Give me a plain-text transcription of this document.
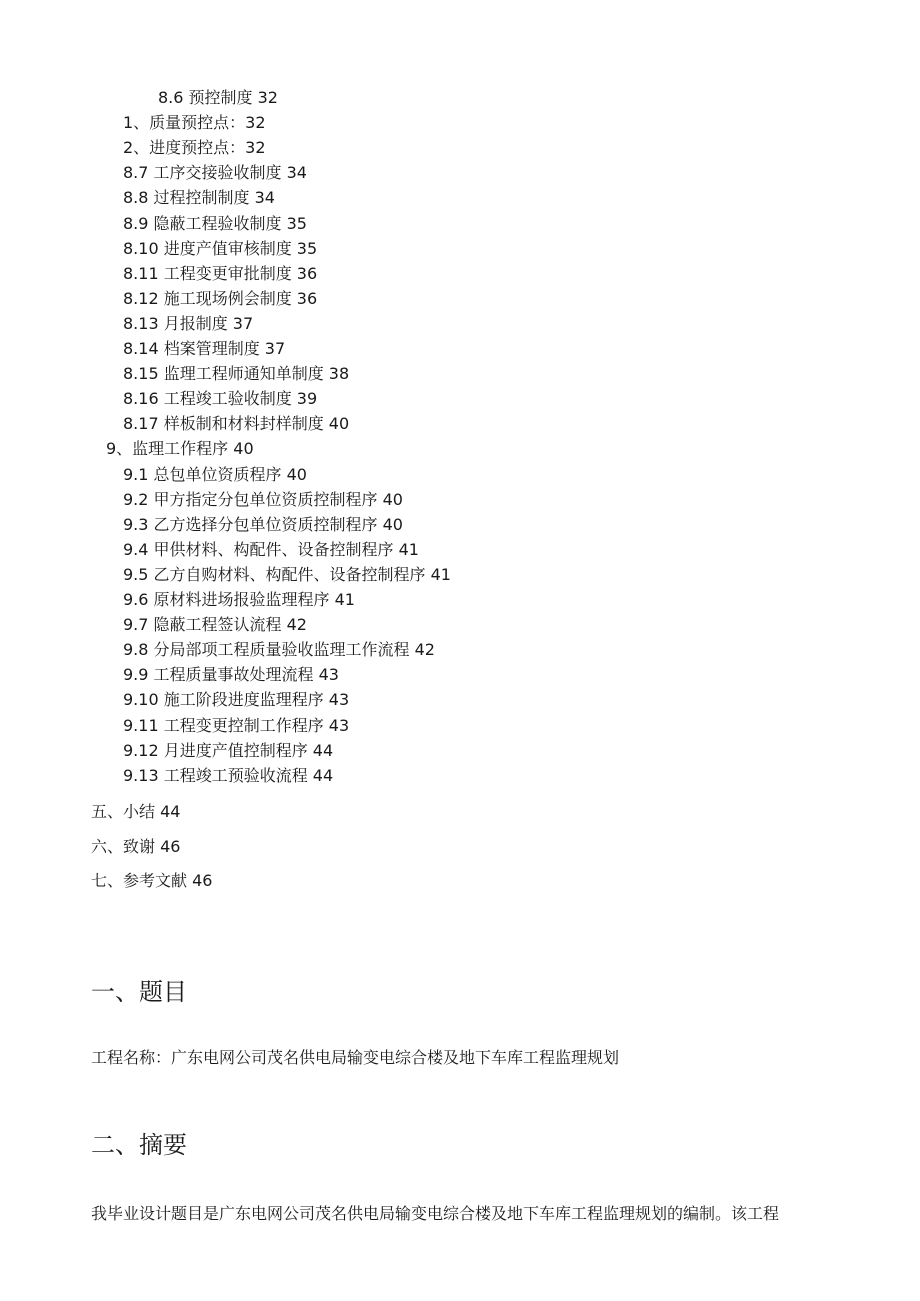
8.6 预控制度 32
1、质量预控点：32
2、进度预控点：32
8.7 工序交接验收制度 34
8.8 过程控制制度 34
8.9 隐蔽工程验收制度 35
8.10 进度产值审核制度 35
8.11 工程变更审批制度 36
8.12 施工现场例会制度 36
8.13 月报制度 37
8.14 档案管理制度 37
8.15 监理工程师通知单制度 38
8.16 工程竣工验收制度 39
8.17 样板制和材料封样制度 40
9、监理工作程序 40
9.1 总包单位资质程序 40
9.2 甲方指定分包单位资质控制程序 40
9.3 乙方选择分包单位资质控制程序 40
9.4 甲供材料、构配件、设备控制程序 41
9.5 乙方自购材料、构配件、设备控制程序 41
9.6 原材料进场报验监理程序 41
9.7 隐蔽工程签认流程 42
9.8 分局部项工程质量验收监理工作流程 42
9.9 工程质量事故处理流程 43
9.10 施工阶段进度监理程序 43
9.11 工程变更控制工作程序 43
9.12 月进度产值控制程序 44
9.13 工程竣工预验收流程 44
五、小结 44
六、致谢 46
七、参考文献 46
一、题目

工程名称：广东电网公司茂名供电局输变电综合楼及地下车库工程监理规划

二、摘要

我毕业设计题目是广东电网公司茂名供电局输变电综合楼及地下车库工程监理规划的编制。该工程
